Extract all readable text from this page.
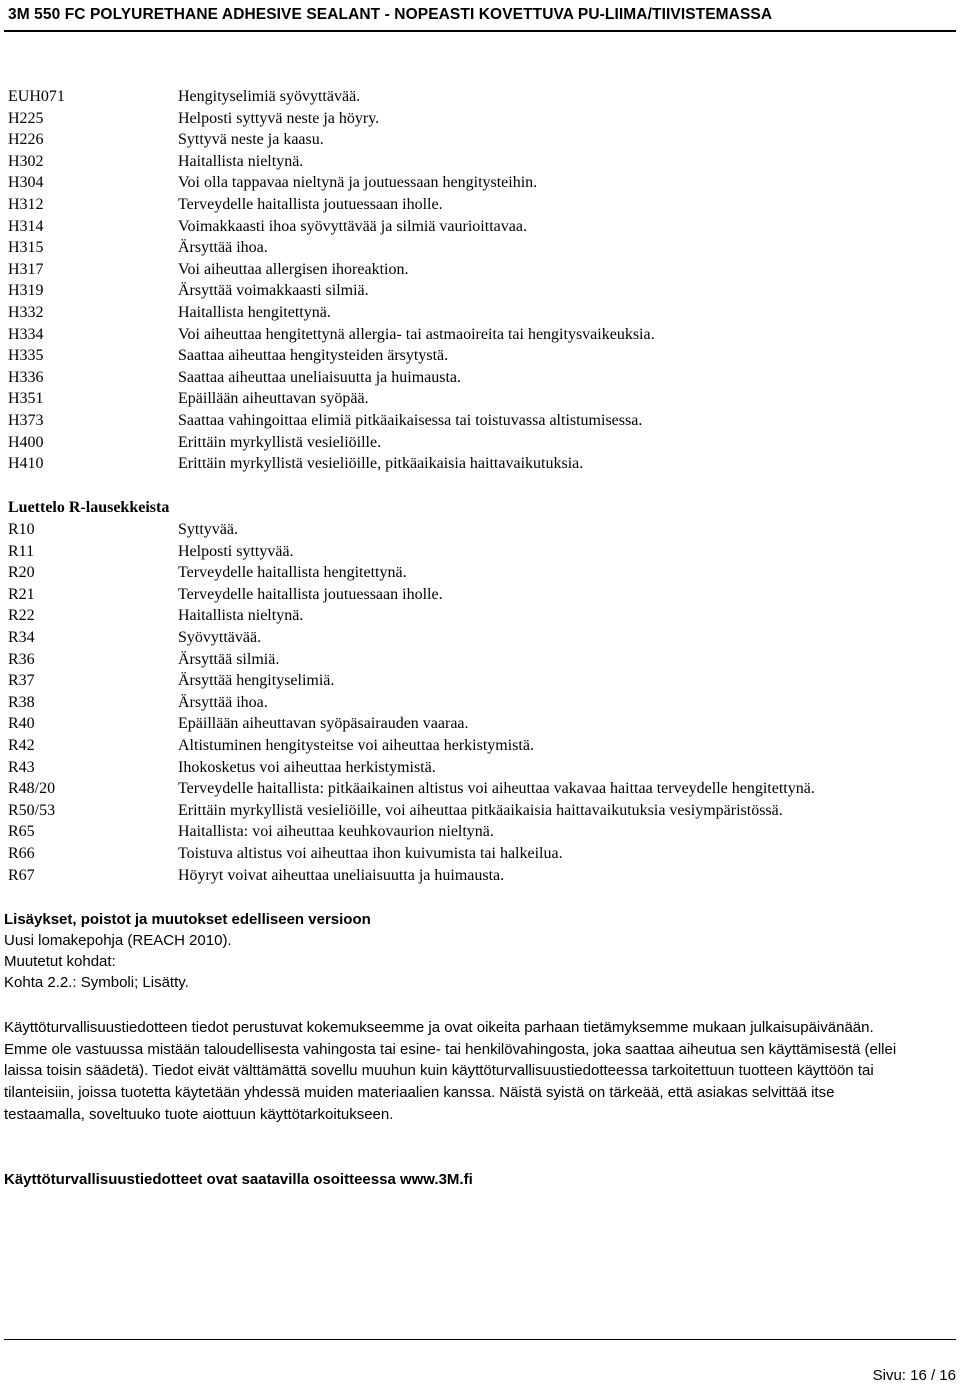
3M 550 FC POLYURETHANE ADHESIVE SEALANT - NOPEASTI KOVETTUVA PU-LIIMA/TIIVISTEMASSA
EUH071	Hengityselimiä syövyttävää.
H225	Helposti syttyvä neste ja höyry.
H226	Syttyvä neste ja kaasu.
H302	Haitallista nieltynä.
H304	Voi olla tappavaa nieltynä ja joutuessaan hengitysteihin.
H312	Terveydelle haitallista joutuessaan iholle.
H314	Voimakkaasti ihoa syövyttävää ja silmiä vaurioittavaa.
H315	Ärsyttää ihoa.
H317	Voi aiheuttaa allergisen ihoreaktion.
H319	Ärsyttää voimakkaasti silmiä.
H332	Haitallista hengitettynä.
H334	Voi aiheuttaa hengitettynä allergia- tai astmaoireita tai hengitysvaikeuksia.
H335	Saattaa aiheuttaa hengitysteiden ärsytystä.
H336	Saattaa aiheuttaa uneliaisuutta ja huimausta.
H351	Epäillään aiheuttavan syöpää.
H373	Saattaa vahingoittaa elimiä pitkäaikaisessa tai toistuvassa altistumisessa.
H400	Erittäin myrkyllistä vesieliöille.
H410	Erittäin myrkyllistä vesieliöille, pitkäaikaisia haittavaikutuksia.
Luettelo R-lausekkeista
R10	Syttyvää.
R11	Helposti syttyvää.
R20	Terveydelle haitallista hengitettynä.
R21	Terveydelle haitallista joutuessaan iholle.
R22	Haitallista nieltynä.
R34	Syövyttävää.
R36	Ärsyttää silmiä.
R37	Ärsyttää hengityselimiä.
R38	Ärsyttää ihoa.
R40	Epäillään aiheuttavan syöpäsairauden vaaraa.
R42	Altistuminen hengitysteitse voi aiheuttaa herkistymistä.
R43	Ihokosketus voi aiheuttaa herkistymistä.
R48/20	Terveydelle haitallista: pitkäaikainen altistus voi aiheuttaa vakavaa haittaa terveydelle hengitettynä.
R50/53	Erittäin myrkyllistä vesieliöille, voi aiheuttaa pitkäaikaisia haittavaikutuksia vesiympäristössä.
R65	Haitallista: voi aiheuttaa keuhkovaurion nieltynä.
R66	Toistuva altistus voi aiheuttaa ihon kuivumista tai halkeilua.
R67	Höyryt voivat aiheuttaa uneliaisuutta ja huimausta.
Lisäykset, poistot ja muutokset edelliseen versioon
Uusi lomakepohja (REACH 2010).
Muutetut kohdat:
Kohta 2.2.: Symboli; Lisätty.
Käyttöturvallisuustiedotteen tiedot perustuvat kokemukseemme ja ovat oikeita parhaan tietämyksemme mukaan julkaisupäivänään. Emme ole vastuussa mistään taloudellisesta vahingosta tai esine- tai henkilövahingosta, joka saattaa aiheutua sen käyttämisestä (ellei laissa toisin säädetä). Tiedot eivät välttämättä sovellu muuhun kuin käyttöturvallisuustiedotteessa tarkoitettuun tuotteen käyttöön tai tilanteisiin, joissa tuotetta käytetään yhdessä muiden materiaalien kanssa. Näistä syistä on tärkeää, että asiakas selvittää itse testaamalla, soveltuuko tuote aiottuun käyttötarkoitukseen.
Käyttöturvallisuustiedotteet ovat saatavilla osoitteessa www.3M.fi
Sivu: 16 / 16
